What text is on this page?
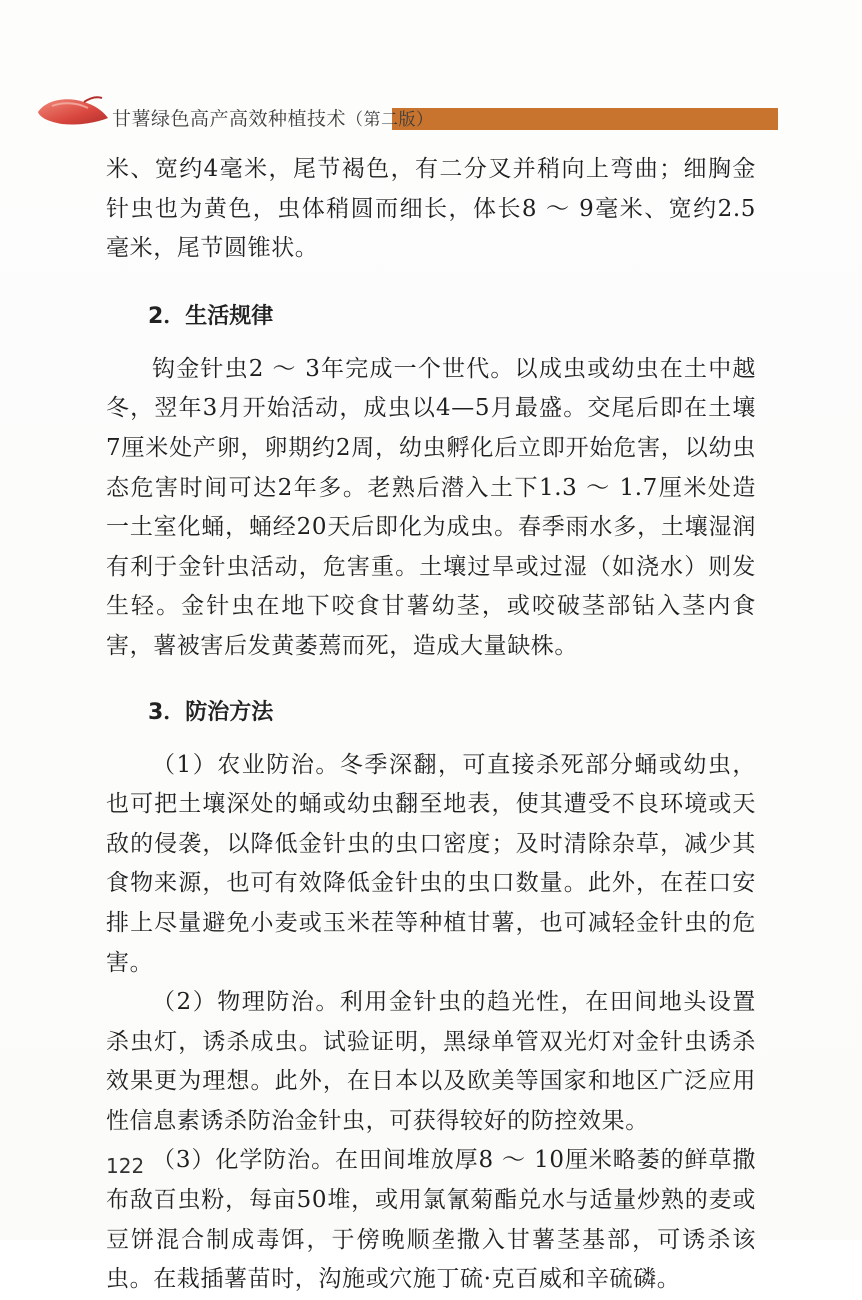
甘薯绿色高产高效种植技术（第二版）

米、宽约4毫米，尾节褐色，有二分叉并稍向上弯曲；细胸金针虫也为黄色，虫体稍圆而细长，体长8 ～ 9毫米、宽约2.5毫米，尾节圆锥状。

2．生活规律

钩金针虫2 ～ 3年完成一个世代。以成虫或幼虫在土中越冬，翌年3月开始活动，成虫以4—5月最盛。交尾后即在土壤7厘米处产卵，卵期约2周，幼虫孵化后立即开始危害，以幼虫态危害时间可达2年多。老熟后潜入土下1.3 ～ 1.7厘米处造一土室化蛹，蛹经20天后即化为成虫。春季雨水多，土壤湿润有利于金针虫活动，危害重。土壤过旱或过湿（如浇水）则发生轻。金针虫在地下咬食甘薯幼茎，或咬破茎部钻入茎内食害，薯被害后发黄萎蔫而死，造成大量缺株。

3．防治方法

（1）农业防治。冬季深翻，可直接杀死部分蛹或幼虫，也可把土壤深处的蛹或幼虫翻至地表，使其遭受不良环境或天敌的侵袭，以降低金针虫的虫口密度；及时清除杂草，减少其食物来源，也可有效降低金针虫的虫口数量。此外，在茬口安排上尽量避免小麦或玉米茬等种植甘薯，也可减轻金针虫的危害。

（2）物理防治。利用金针虫的趋光性，在田间地头设置杀虫灯，诱杀成虫。试验证明，黑绿单管双光灯对金针虫诱杀效果更为理想。此外，在日本以及欧美等国家和地区广泛应用性信息素诱杀防治金针虫，可获得较好的防控效果。

（3）化学防治。在田间堆放厚8 ～ 10厘米略萎的鲜草撒布敌百虫粉，每亩50堆，或用氯氰菊酯兑水与适量炒熟的麦或豆饼混合制成毒饵，于傍晚顺垄撒入甘薯茎基部，可诱杀该虫。在栽插薯苗时，沟施或穴施丁硫·克百威和辛硫磷。

122
